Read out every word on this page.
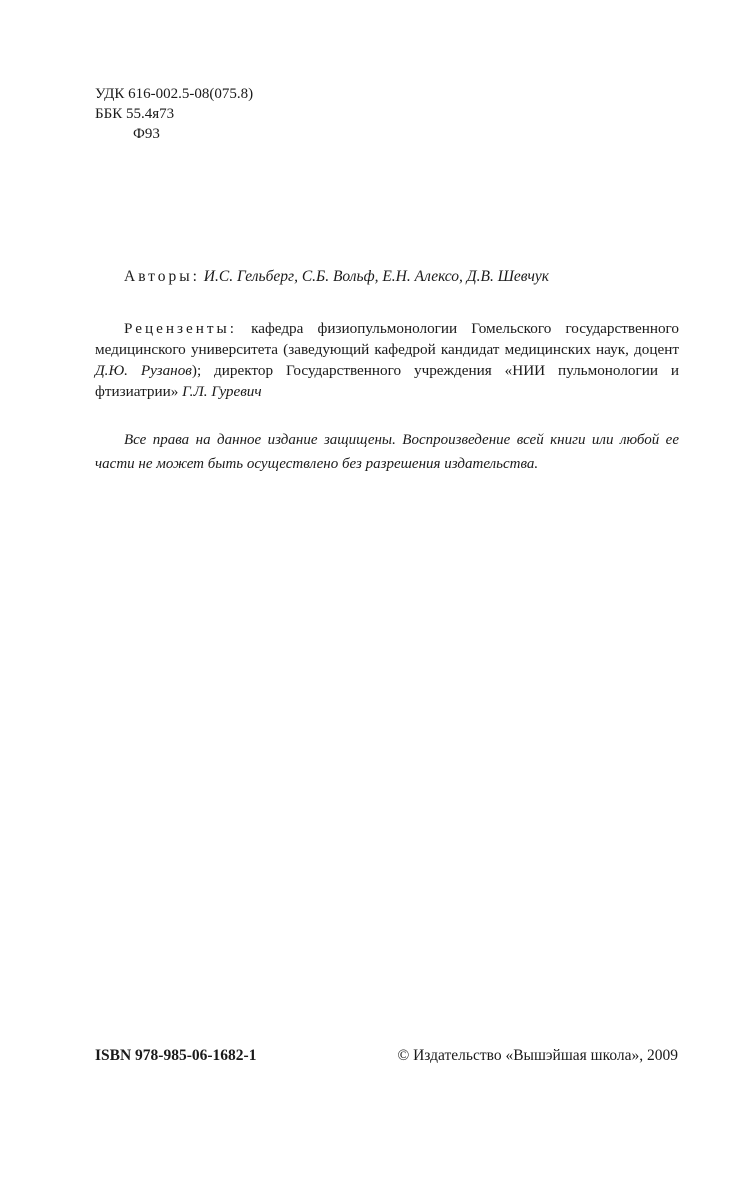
УДК 616-002.5-08(075.8)
ББК 55.4я73
Ф93
Авторы: И.С. Гельберг, С.Б. Вольф, Е.Н. Алексо, Д.В. Шевчук
Рецензенты: кафедра физиопульмонологии Гомельского государственного медицинского университета (заведующий кафедрой кандидат медицинских наук, доцент Д.Ю. Рузанов); директор Государственного учреждения «НИИ пульмонологии и фтизиатрии» Г.Л. Гуревич
Все права на данное издание защищены. Воспроизведение всей книги или любой ее части не может быть осуществлено без разрешения издательства.
ISBN 978-985-06-1682-1	© Издательство «Вышэйшая школа», 2009
